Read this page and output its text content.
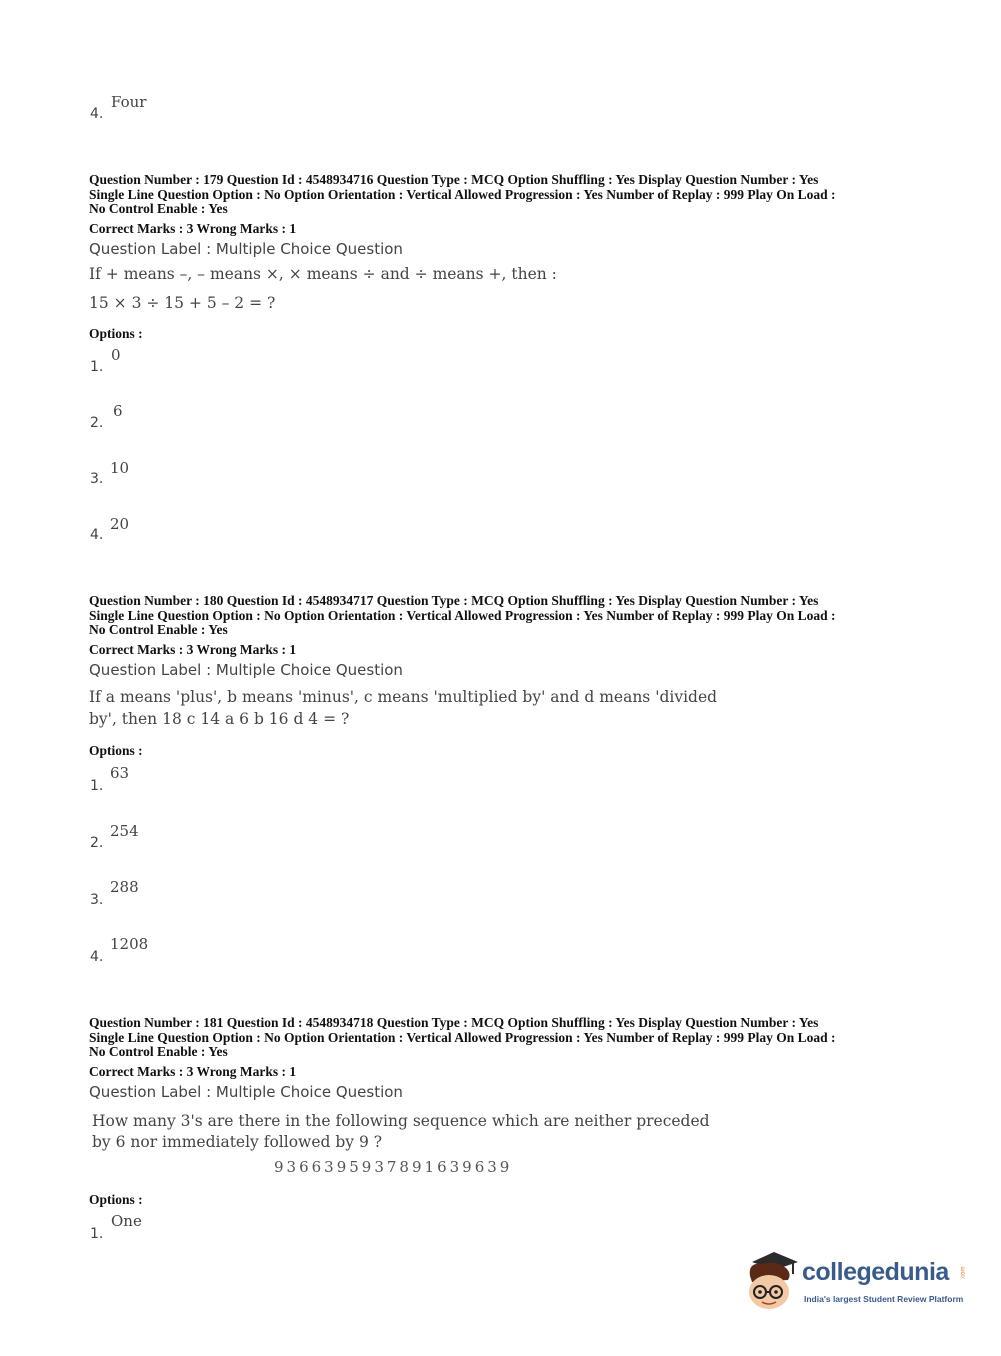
4.
Four
Question Number : 179 Question Id : 4548934716 Question Type : MCQ Option Shuffling : Yes Display Question Number : Yes
Single Line Question Option : No Option Orientation : Vertical Allowed Progression : Yes Number of Replay : 999 Play On Load :
No Control Enable : Yes
Correct Marks : 3 Wrong Marks : 1
Question Label : Multiple Choice Question
If + means –, – means ×, × means ÷ and ÷ means +, then :
15 × 3 ÷ 15 + 5 – 2 = ?
Options :
1.
0
2.
6
3.
10
4.
20
Question Number : 180 Question Id : 4548934717 Question Type : MCQ Option Shuffling : Yes Display Question Number : Yes
Single Line Question Option : No Option Orientation : Vertical Allowed Progression : Yes Number of Replay : 999 Play On Load :
No Control Enable : Yes
Correct Marks : 3 Wrong Marks : 1
Question Label : Multiple Choice Question
If a means 'plus', b means 'minus', c means 'multiplied by' and d means 'divided
by', then 18 c 14 a 6 b 16 d 4 = ?
Options :
1.
63
2.
254
3.
288
4.
1208
Question Number : 181 Question Id : 4548934718 Question Type : MCQ Option Shuffling : Yes Display Question Number : Yes
Single Line Question Option : No Option Orientation : Vertical Allowed Progression : Yes Number of Replay : 999 Play On Load :
No Control Enable : Yes
Correct Marks : 3 Wrong Marks : 1
Question Label : Multiple Choice Question
How many 3's are there in the following sequence which are neither preceded
by 6 nor immediately followed by 9 ?
9366395937891639639
Options :
1.
One
collegedunia .com
India's largest Student Review Platform
